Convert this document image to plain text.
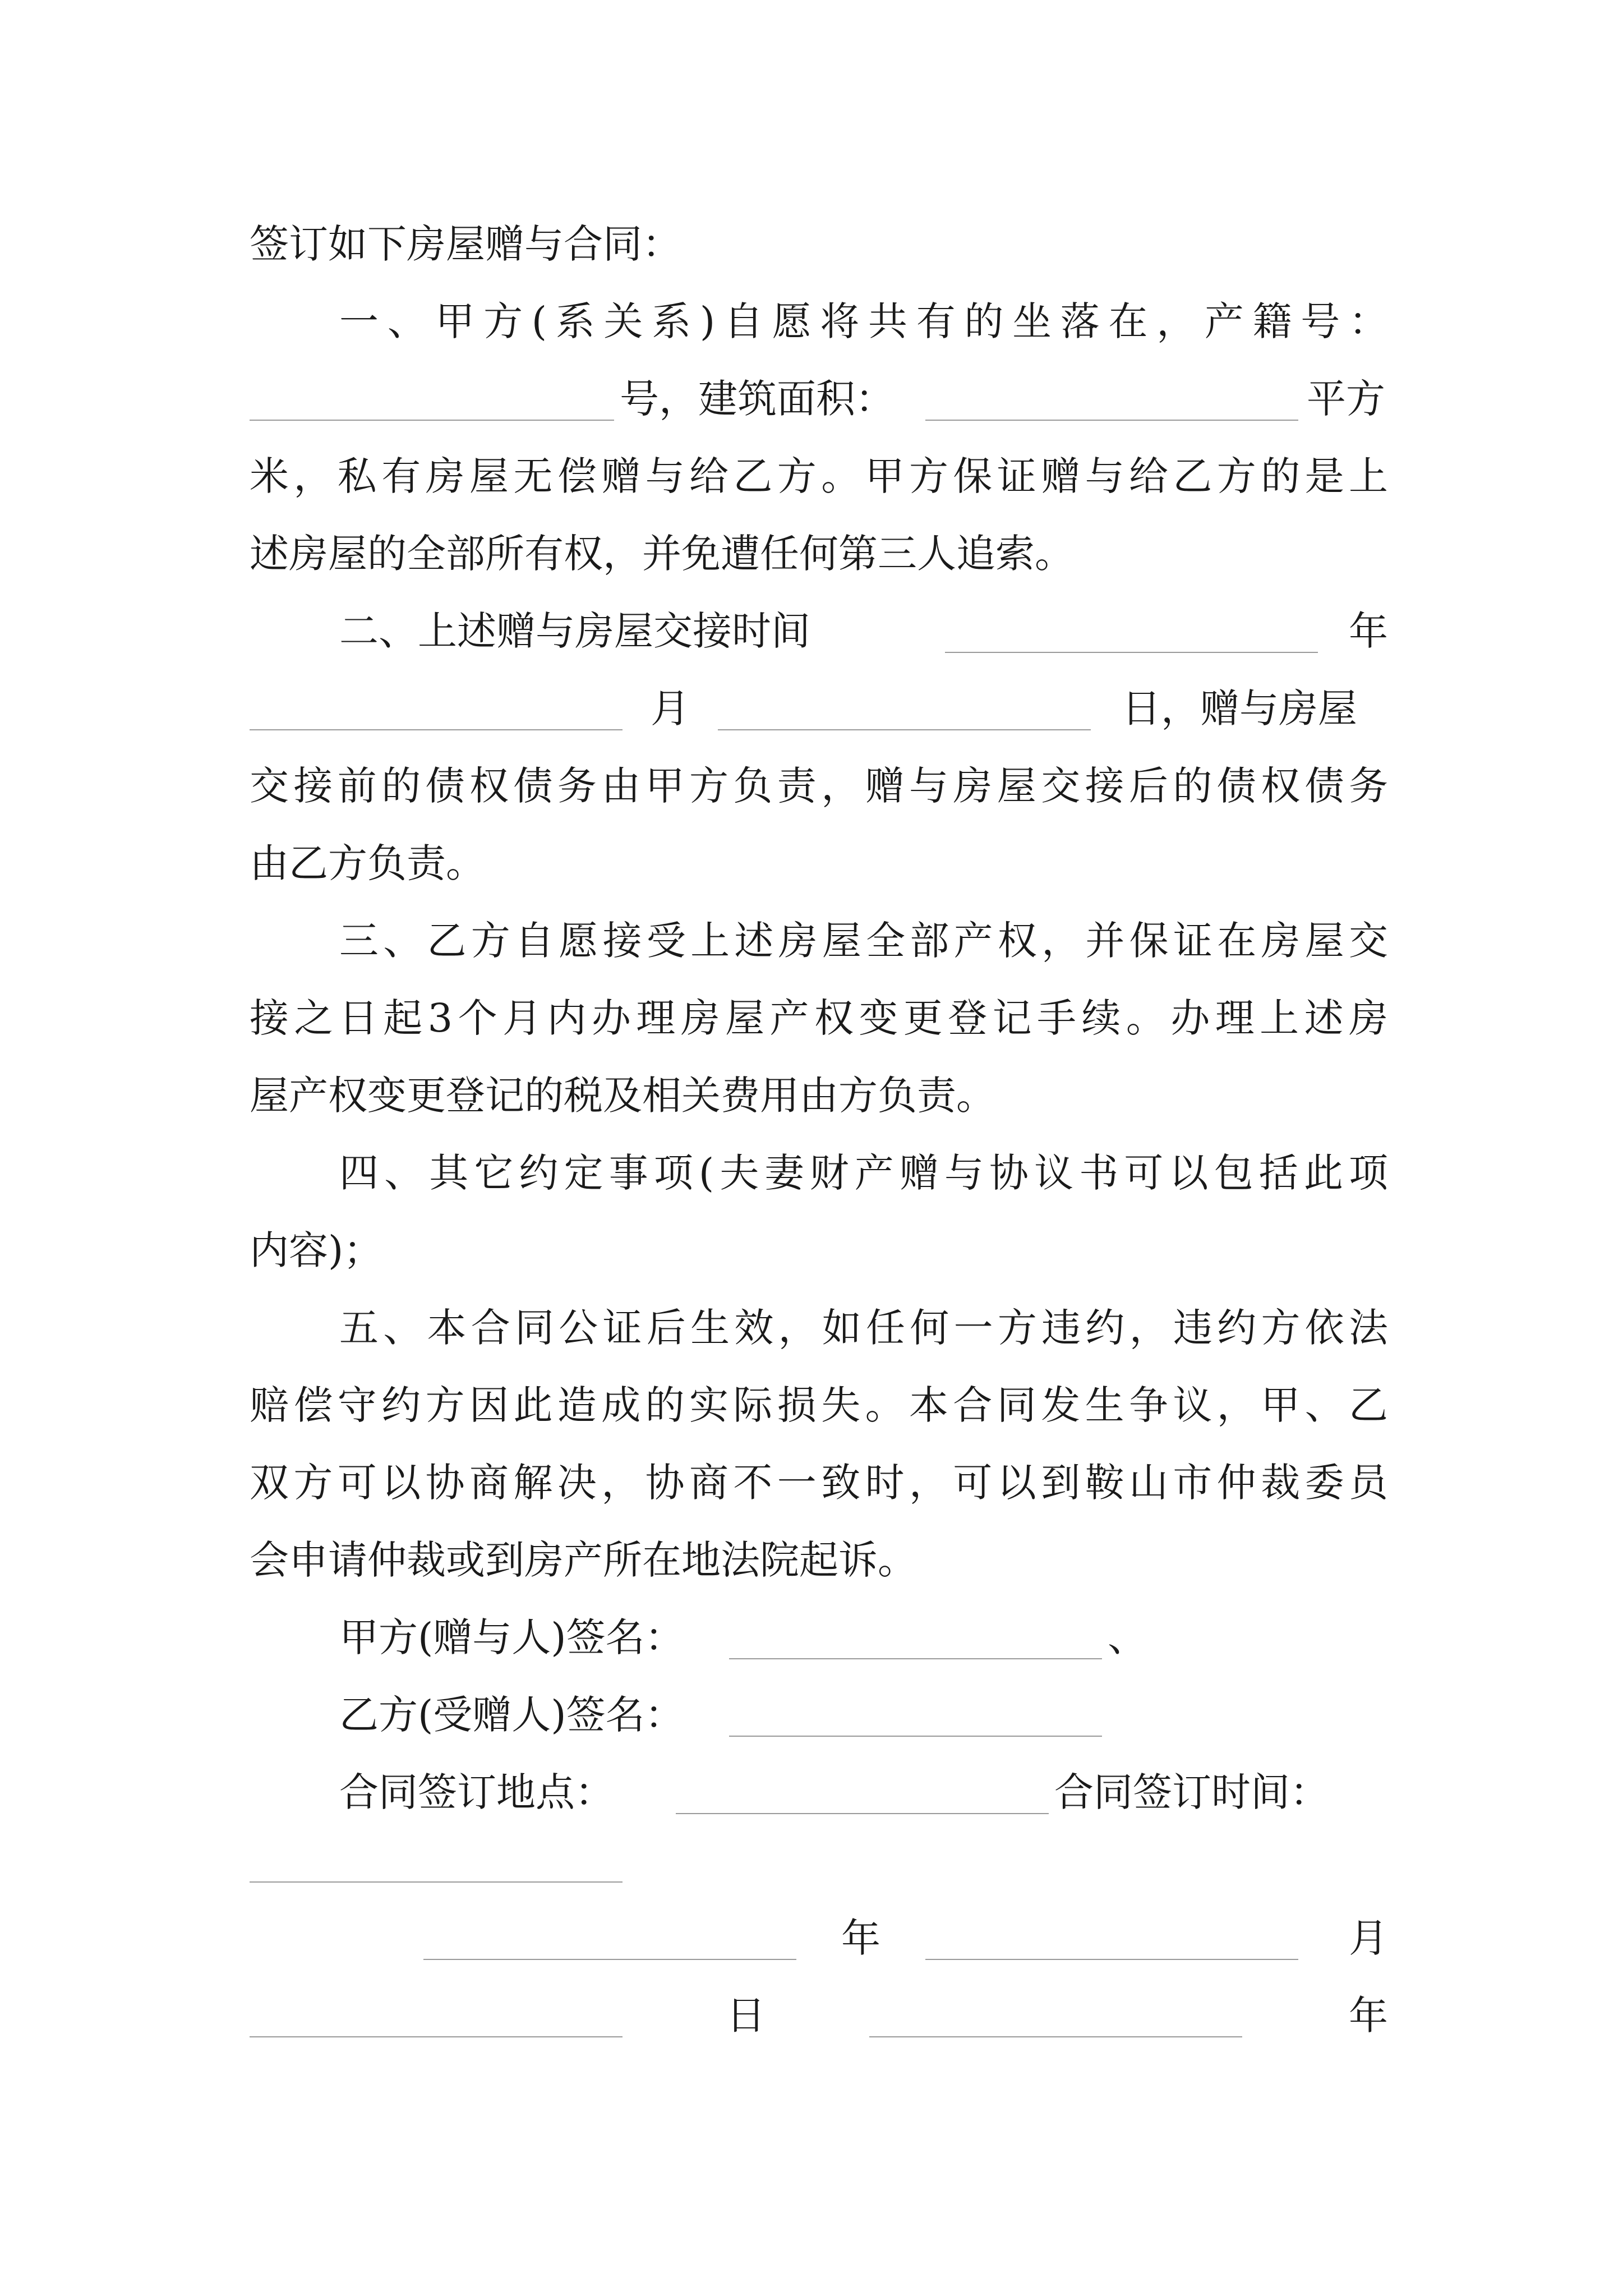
签订如下房屋赠与合同：
一、甲方(系关系)自愿将共有的坐落在，产籍号：
号，建筑面积：	平方
米，私有房屋无偿赠与给乙方。甲方保证赠与给乙方的是上
述房屋的全部所有权，并免遭任何第三人追索。
二、上述赠与房屋交接时间	年
月	日，赠与房屋
交接前的债权债务由甲方负责，赠与房屋交接后的债权债务
由乙方负责。
三、乙方自愿接受上述房屋全部产权，并保证在房屋交
接之日起3个月内办理房屋产权变更登记手续。办理上述房
屋产权变更登记的税及相关费用由方负责。
四、其它约定事项(夫妻财产赠与协议书可以包括此项
内容)；
五、本合同公证后生效，如任何一方违约，违约方依法
赔偿守约方因此造成的实际损失。本合同发生争议，甲、乙
双方可以协商解决，协商不一致时，可以到鞍山市仲裁委员
会申请仲裁或到房产所在地法院起诉。
甲方(赠与人)签名：	、
乙方(受赠人)签名：
合同签订地点：	合同签订时间：
年	月
日	年
